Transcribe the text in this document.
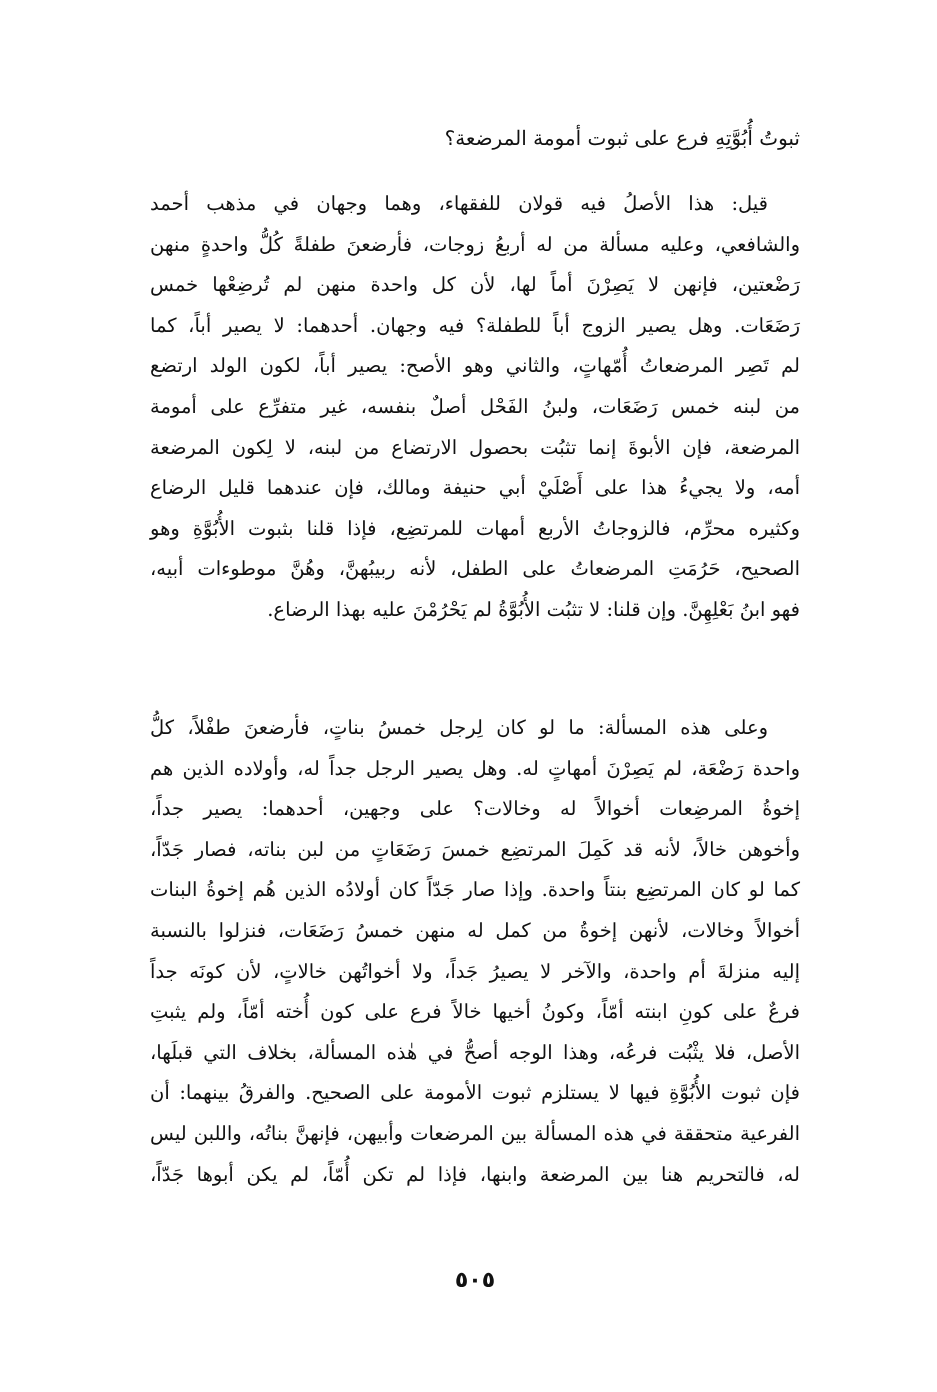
ثبوتُ أُبُوَّتِهِ فرع على ثبوت أمومة المرضعة؟
قيل: هذا الأصلُ فيه قولان للفقهاء، وهما وجهان في مذهب أحمد
والشافعي، وعليه مسألة من له أربعُ زوجات، فأرضعنَ طفلةً كُلُّ واحدةٍ منهن
رَضْعتين، فإنهن لا يَصِرْنَ أماً لها، لأن كل واحدة منهن لم تُرضِعْها خمس
رَضَعَات. وهل يصير الزوج أباً للطفلة؟ فيه وجهان. أحدهما: لا يصير أباً، كما
لم تَصِر المرضعاتُ أُمّهاتٍ، والثاني وهو الأصح: يصير أباً، لكون الولد ارتضع
من لبنه خمس رَضَعَات، ولبنُ الفَحْل أصلٌ بنفسه، غير متفرِّع على أمومة
المرضعة، فإن الأبوةَ إنما تثبُت بحصول الارتضاع من لبنه، لا لِكون المرضعة
أمه، ولا يجيءُ هذا على أَصْلَيْ أبي حنيفة ومالك، فإن عندهما قليل الرضاع
وكثيره محرِّم، فالزوجاتُ الأربع أمهات للمرتضِع، فإذا قلنا بثبوت الأُبُوَّةِ وهو
الصحيح، حَرُمَتِ المرضعاتُ على الطفل، لأنه ربيبُهنَّ، وهُنَّ موطوءات أبيه،
فهو ابنُ بَعْلِهِنَّ. وإن قلنا: لا تثبُت الأُبُوَّةُ لم يَحْرُمْنَ عليه بهذا الرضاع.
وعلى هذه المسألة: ما لو كان لِرجل خمسُ بناتٍ، فأرضعنَ طفْلاً، كلُّ
واحدة رَضْعَة، لم يَصِرْنَ أمهاتٍ له. وهل يصير الرجل جداً له، وأولاده الذين هم
إخوةُ المرضِعات أخوالاً له وخالات؟ على وجهين، أحدهما: يصير جداً،
وأخوهن خالاً، لأنه قد كَمِلَ المرتضِع خمسَ رَضَعَاتٍ من لبن بناته، فصار جَدّاً،
كما لو كان المرتضِع بنتاً واحدة. وإذا صار جَدّاً كان أولادُه الذين هُم إخوةُ البنات
أخوالاً وخالات، لأنهن إخوةُ من كمل له منهن خمسُ رَضَعَات، فنزلوا بالنسبة
إليه منزلةَ أم واحدة، والآخر لا يصيرُ جَداً، ولا أخواتُهن خالاتٍ، لأن كونَه جداً
فرعٌ على كونِ ابنته أمّاً، وكونُ أخيها خالاً فرع على كون أُخته أمّاً، ولم يثبتِ
الأصل، فلا يثْبُت فرعُه، وهذا الوجه أصحُّ في هٰذه المسألة، بخلاف التي قبلَها،
فإن ثبوت الأُبُوَّةِ فيها لا يستلزم ثبوت الأمومة على الصحيح. والفرقُ بينهما: أن
الفرعية متحققة في هذه المسألة بين المرضعات وأبيهن، فإنهنَّ بناتُه، واللبن ليس
له، فالتحريم هنا بين المرضعة وابنها، فإذا لم تكن أُمّاً، لم يكن أبوها جَدّاً،
٥٠٥
